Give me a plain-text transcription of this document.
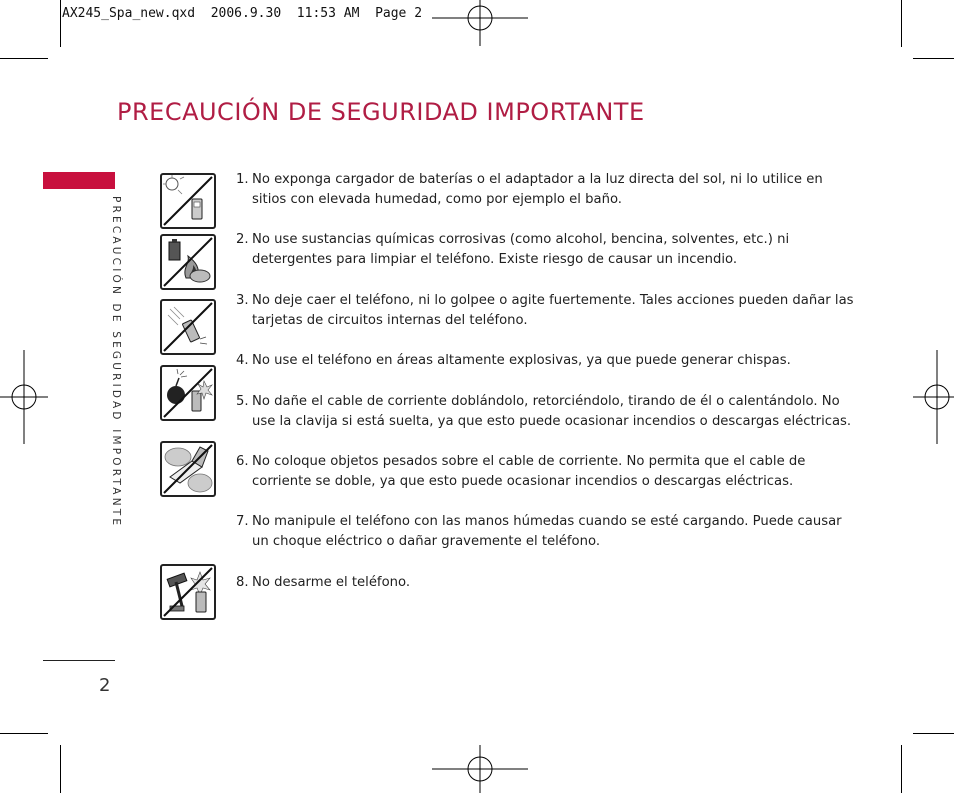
AX245_Spa_new.qxd  2006.9.30  11:53 AM  Page 2
PRECAUCIÓN DE SEGURIDAD IMPORTANTE
PRECAUCIÓN DE SEGURIDAD IMPORTANTE
2
1. No exponga cargador de baterías o el adaptador a la luz directa del sol, ni lo utilice en sitios con elevada humedad, como por ejemplo el baño.
2. No use sustancias químicas corrosivas (como alcohol, bencina, solventes, etc.) ni detergentes para limpiar el teléfono. Existe riesgo de causar un incendio.
3. No deje caer el teléfono, ni lo golpee o agite fuertemente. Tales acciones pueden dañar las tarjetas de circuitos internas del teléfono.
4. No use el teléfono en áreas altamente explosivas, ya que puede generar chispas.
5. No dañe el cable de corriente doblándolo, retorciéndolo, tirando de él o calentándolo. No use la clavija si está suelta, ya que esto puede ocasionar incendios o descargas eléctricas.
6. No coloque objetos pesados sobre el cable de corriente. No permita que el cable de corriente se doble, ya que esto puede ocasionar incendios o descargas eléctricas.
7. No manipule el teléfono con las manos húmedas cuando se esté cargando. Puede causar un choque eléctrico o dañar gravemente el teléfono.
8. No desarme el teléfono.
